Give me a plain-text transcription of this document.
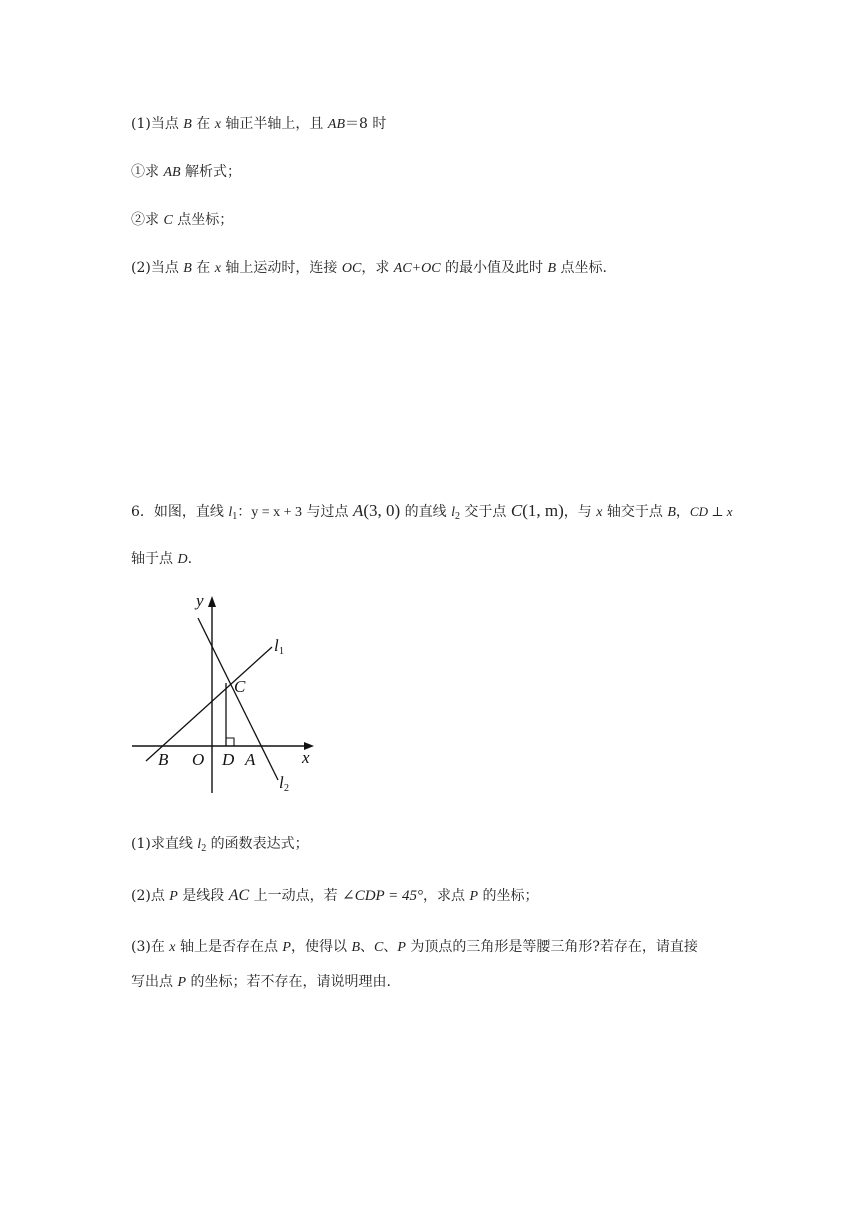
(1)当点 B 在 x 轴正半轴上，且 AB＝8 时

①求 AB 解析式；

②求 C 点坐标；

(2)当点 B 在 x 轴上运动时，连接 OC，求 AC+OC 的最小值及此时 B 点坐标.

6．如图，直线 $l_1$：y = x + 3 与过点 A(3, 0) 的直线 $l_2$ 交于点 C(1, m)，与 x 轴交于点 B，CD ⊥ x

轴于点 D.

y
x
l 1
l 2
C
B O D A

(1)求直线 $l_2$ 的函数表达式；

(2)点 P 是线段 AC 上一动点，若 ∠CDP = 45°，求点 P 的坐标；

(3)在 x 轴上是否存在点 P，使得以 B、C、P 为顶点的三角形是等腰三角形?若存在，请直接

写出点 P 的坐标；若不存在，请说明理由.
